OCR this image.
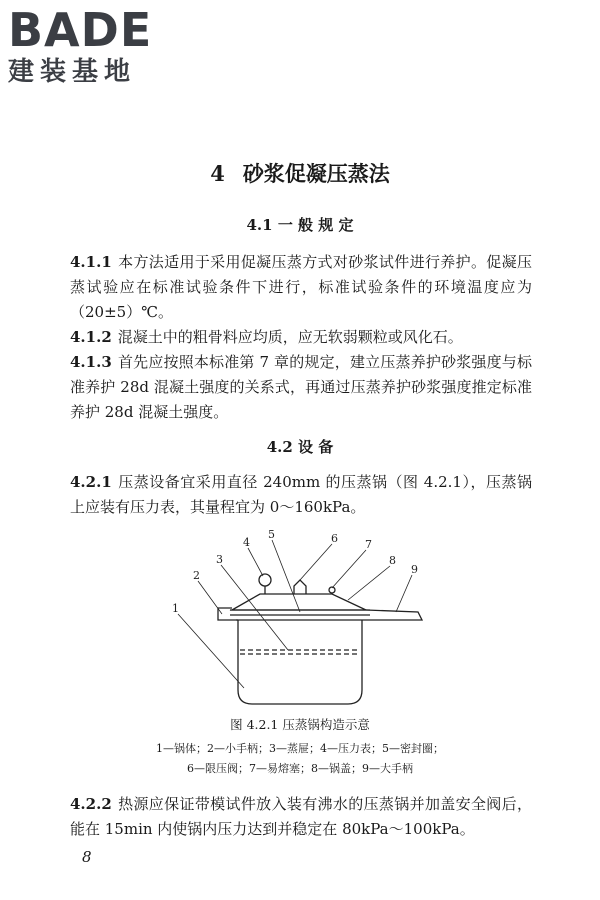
BADE
建装基地
4 砂浆促凝压蒸法
4.1 一 般 规 定
4.1.1 本方法适用于采用促凝压蒸方式对砂浆试件进行养护。促凝压蒸试验应在标准试验条件下进行，标准试验条件的环境温度应为（20±5）℃。
4.1.2 混凝土中的粗骨料应均质，应无软弱颗粒或风化石。
4.1.3 首先应按照本标准第 7 章的规定，建立压蒸养护砂浆强度与标准养护 28d 混凝土强度的关系式，再通过压蒸养护砂浆强度推定标准养护 28d 混凝土强度。
4.2 设 备
4.2.1 压蒸设备宜采用直径 240mm 的压蒸锅（图 4.2.1），压蒸锅上应装有压力表，其量程宜为 0～160kPa。
1
2
3
4
5	6 7
8
9
图 4.2.1 压蒸锅构造示意
1—锅体；2—小手柄；3—蒸屉；4—压力表；5—密封圈；
6—限压阀；7—易熔塞；8—锅盖；9—大手柄
4.2.2 热源应保证带模试件放入装有沸水的压蒸锅并加盖安全阀后，能在 15min 内使锅内压力达到并稳定在 80kPa～100kPa。
8
